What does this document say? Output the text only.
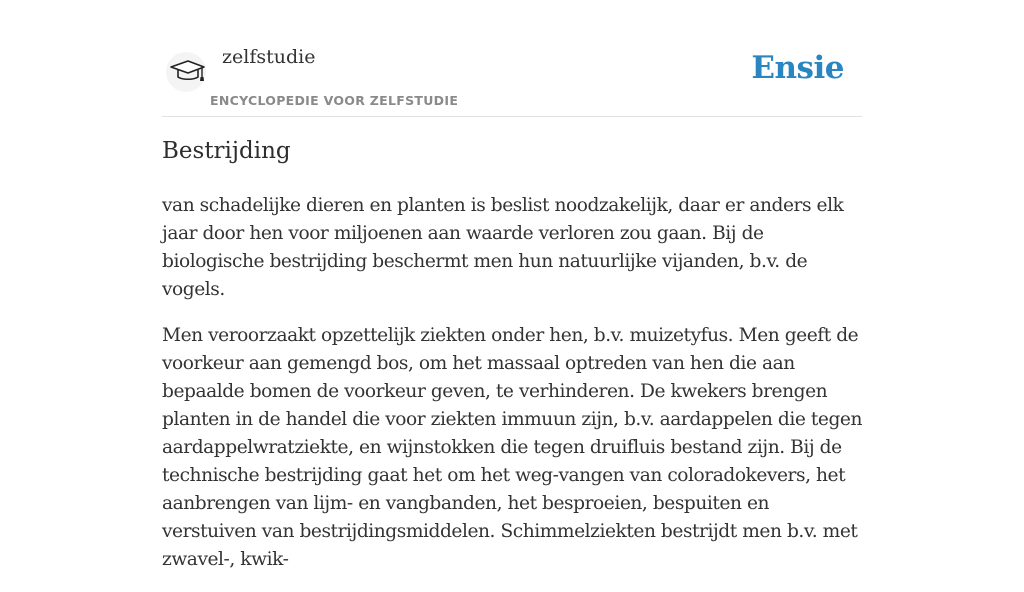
zelfstudie
ENCYCLOPEDIE VOOR ZELFSTUDIE
Ensie
Bestrijding

van schadelijke dieren en planten is beslist noodzakelijk, daar er anders elk jaar door hen voor miljoenen aan waarde verloren zou gaan. Bij de biologische bestrijding beschermt men hun natuurlijke vijanden, b.v. de vogels.

Men veroorzaakt opzettelijk ziekten onder hen, b.v. muizetyfus. Men geeft de voorkeur aan gemengd bos, om het massaal optreden van hen die aan bepaalde bomen de voorkeur geven, te verhinderen. De kwekers brengen planten in de handel die voor ziekten immuun zijn, b.v. aardappelen die tegen aardappelwratziekte, en wijnstokken die tegen druifluis bestand zijn. Bij de technische bestrijding gaat het om het weg-vangen van coloradokevers, het aanbrengen van lijm- en vangbanden, het besproeien, bespuiten en verstuiven van bestrijdingsmiddelen. Schimmelziekten bestrijdt men b.v. met zwavel-, kwik-
